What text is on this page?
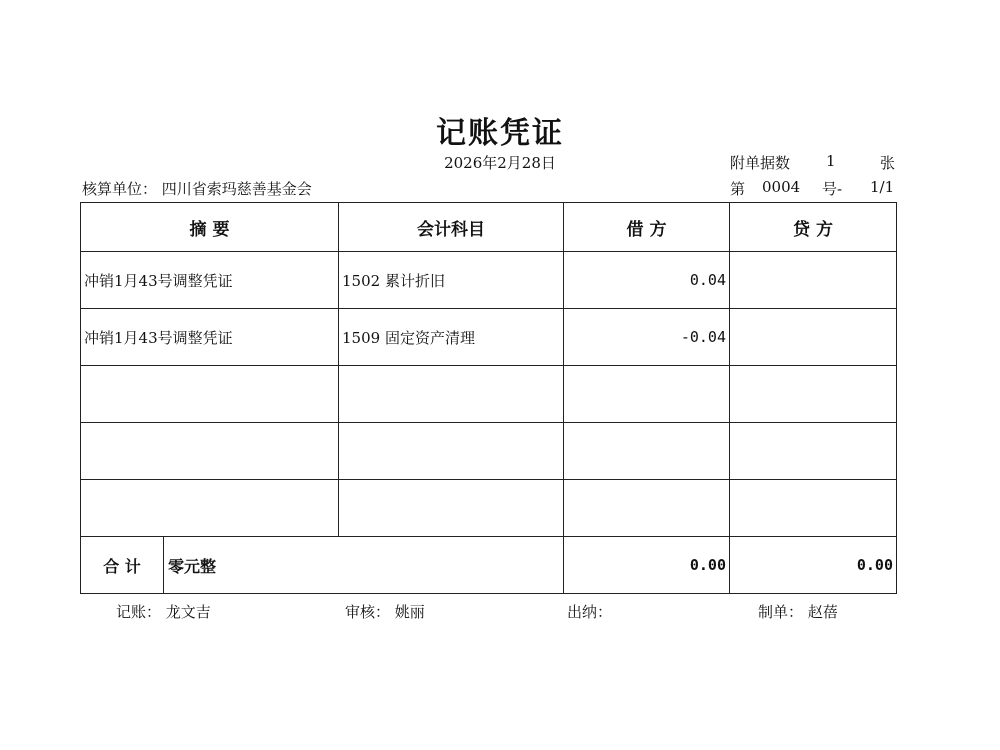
记账凭证
2026年2月28日	附单据数 1	张
核算单位： 四川省索玛慈善基金会	第 0004 号- 1/1
摘 要	会计科目	借 方	贷 方
冲销1月43号调整凭证	1502 累计折旧	0.04	
冲销1月43号调整凭证	1509 固定资产清理	-0.04	

合 计 零元整		0.00	0.00
记账： 龙文吉	审核： 姚丽	出纳：	制单： 赵蓓
